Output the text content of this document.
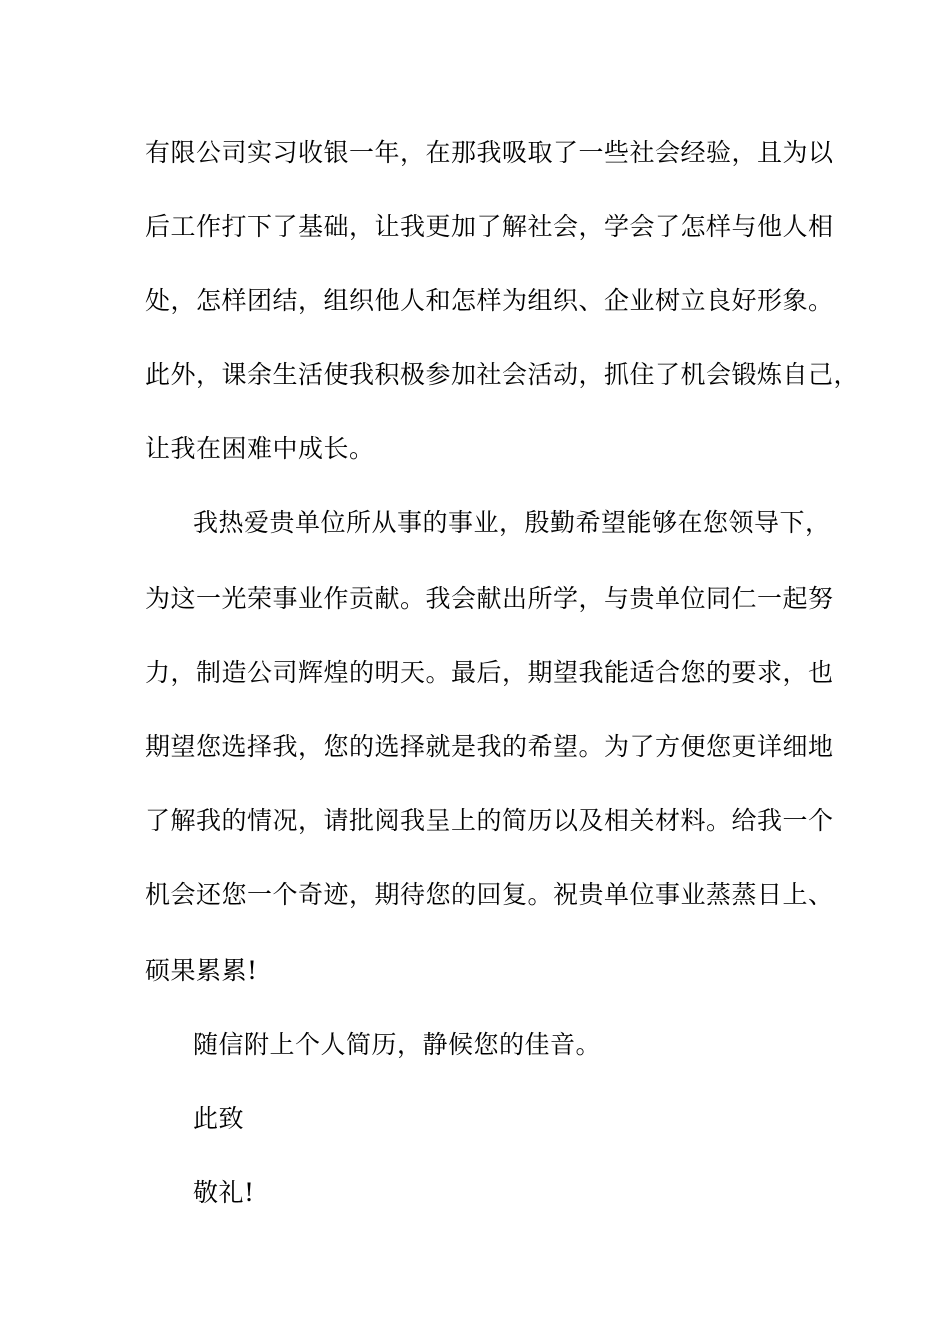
有限公司实习收银一年，在那我吸取了一些社会经验，且为以
后工作打下了基础，让我更加了解社会，学会了怎样与他人相
处，怎样团结，组织他人和怎样为组织、企业树立良好形象。
此外，课余生活使我积极参加社会活动，抓住了机会锻炼自己，
让我在困难中成长。
我热爱贵单位所从事的事业，殷勤希望能够在您领导下，
为这一光荣事业作贡献。我会献出所学，与贵单位同仁一起努
力，制造公司辉煌的明天。最后，期望我能适合您的要求，也
期望您选择我，您的选择就是我的希望。为了方便您更详细地
了解我的情况，请批阅我呈上的简历以及相关材料。给我一个
机会还您一个奇迹，期待您的回复。祝贵单位事业蒸蒸日上、
硕果累累!
随信附上个人简历，静候您的佳音。
此致
敬礼!
